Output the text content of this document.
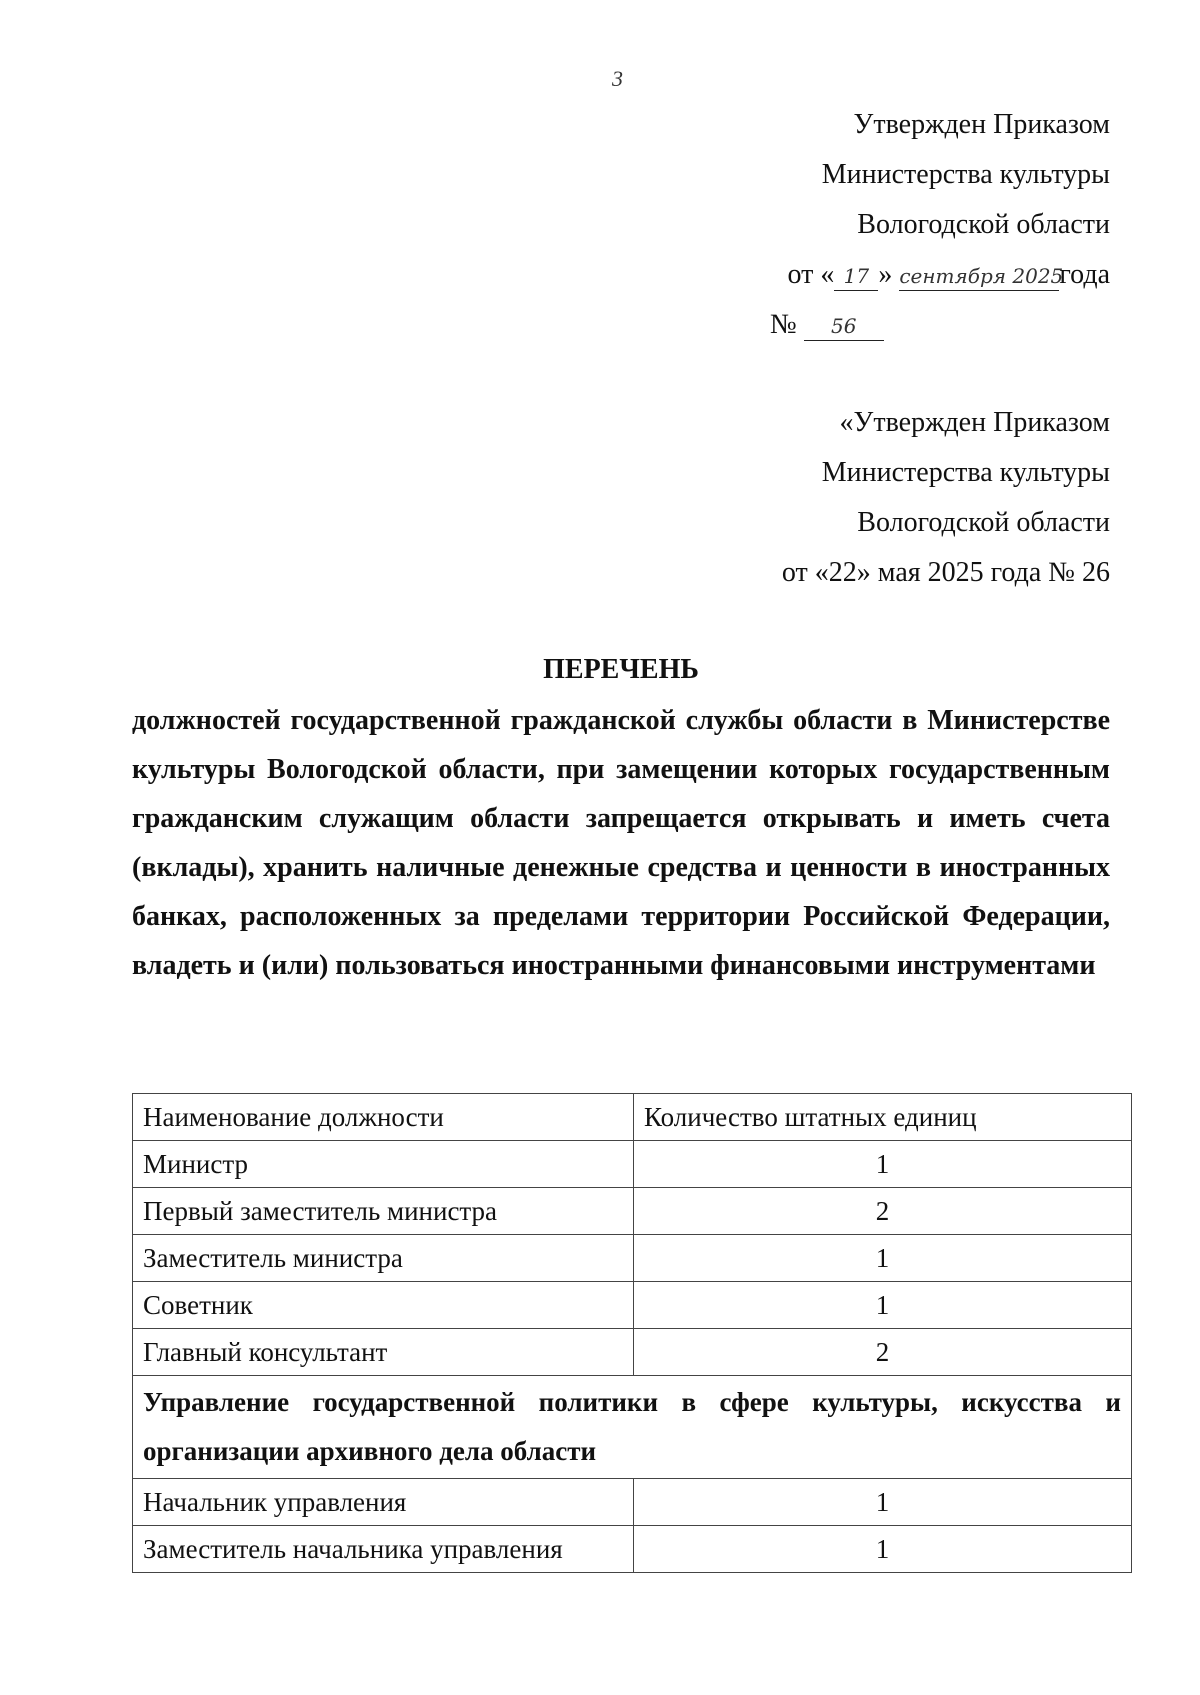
3
Утвержден Приказом
Министерства культуры
Вологодской области
от « 17 » сентября 2025года
№ 56
«Утвержден Приказом
Министерства культуры
Вологодской области
от «22» мая 2025 года № 26
ПЕРЕЧЕНЬ
должностей государственной гражданской службы области в Министерстве культуры Вологодской области, при замещении которых государственным гражданским служащим области запрещается открывать и иметь счета (вклады), хранить наличные денежные средства и ценности в иностранных банках, расположенных за пределами территории Российской Федерации, владеть и (или) пользоваться иностранными финансовыми инструментами
Наименование должности	Количество штатных единиц
Министр	1
Первый заместитель министра	2
Заместитель министра	1
Советник	1
Главный консультант	2
Управление государственной политики в сфере культуры, искусства и организации архивного дела области	
Начальник управления	1
Заместитель начальника управления	1
